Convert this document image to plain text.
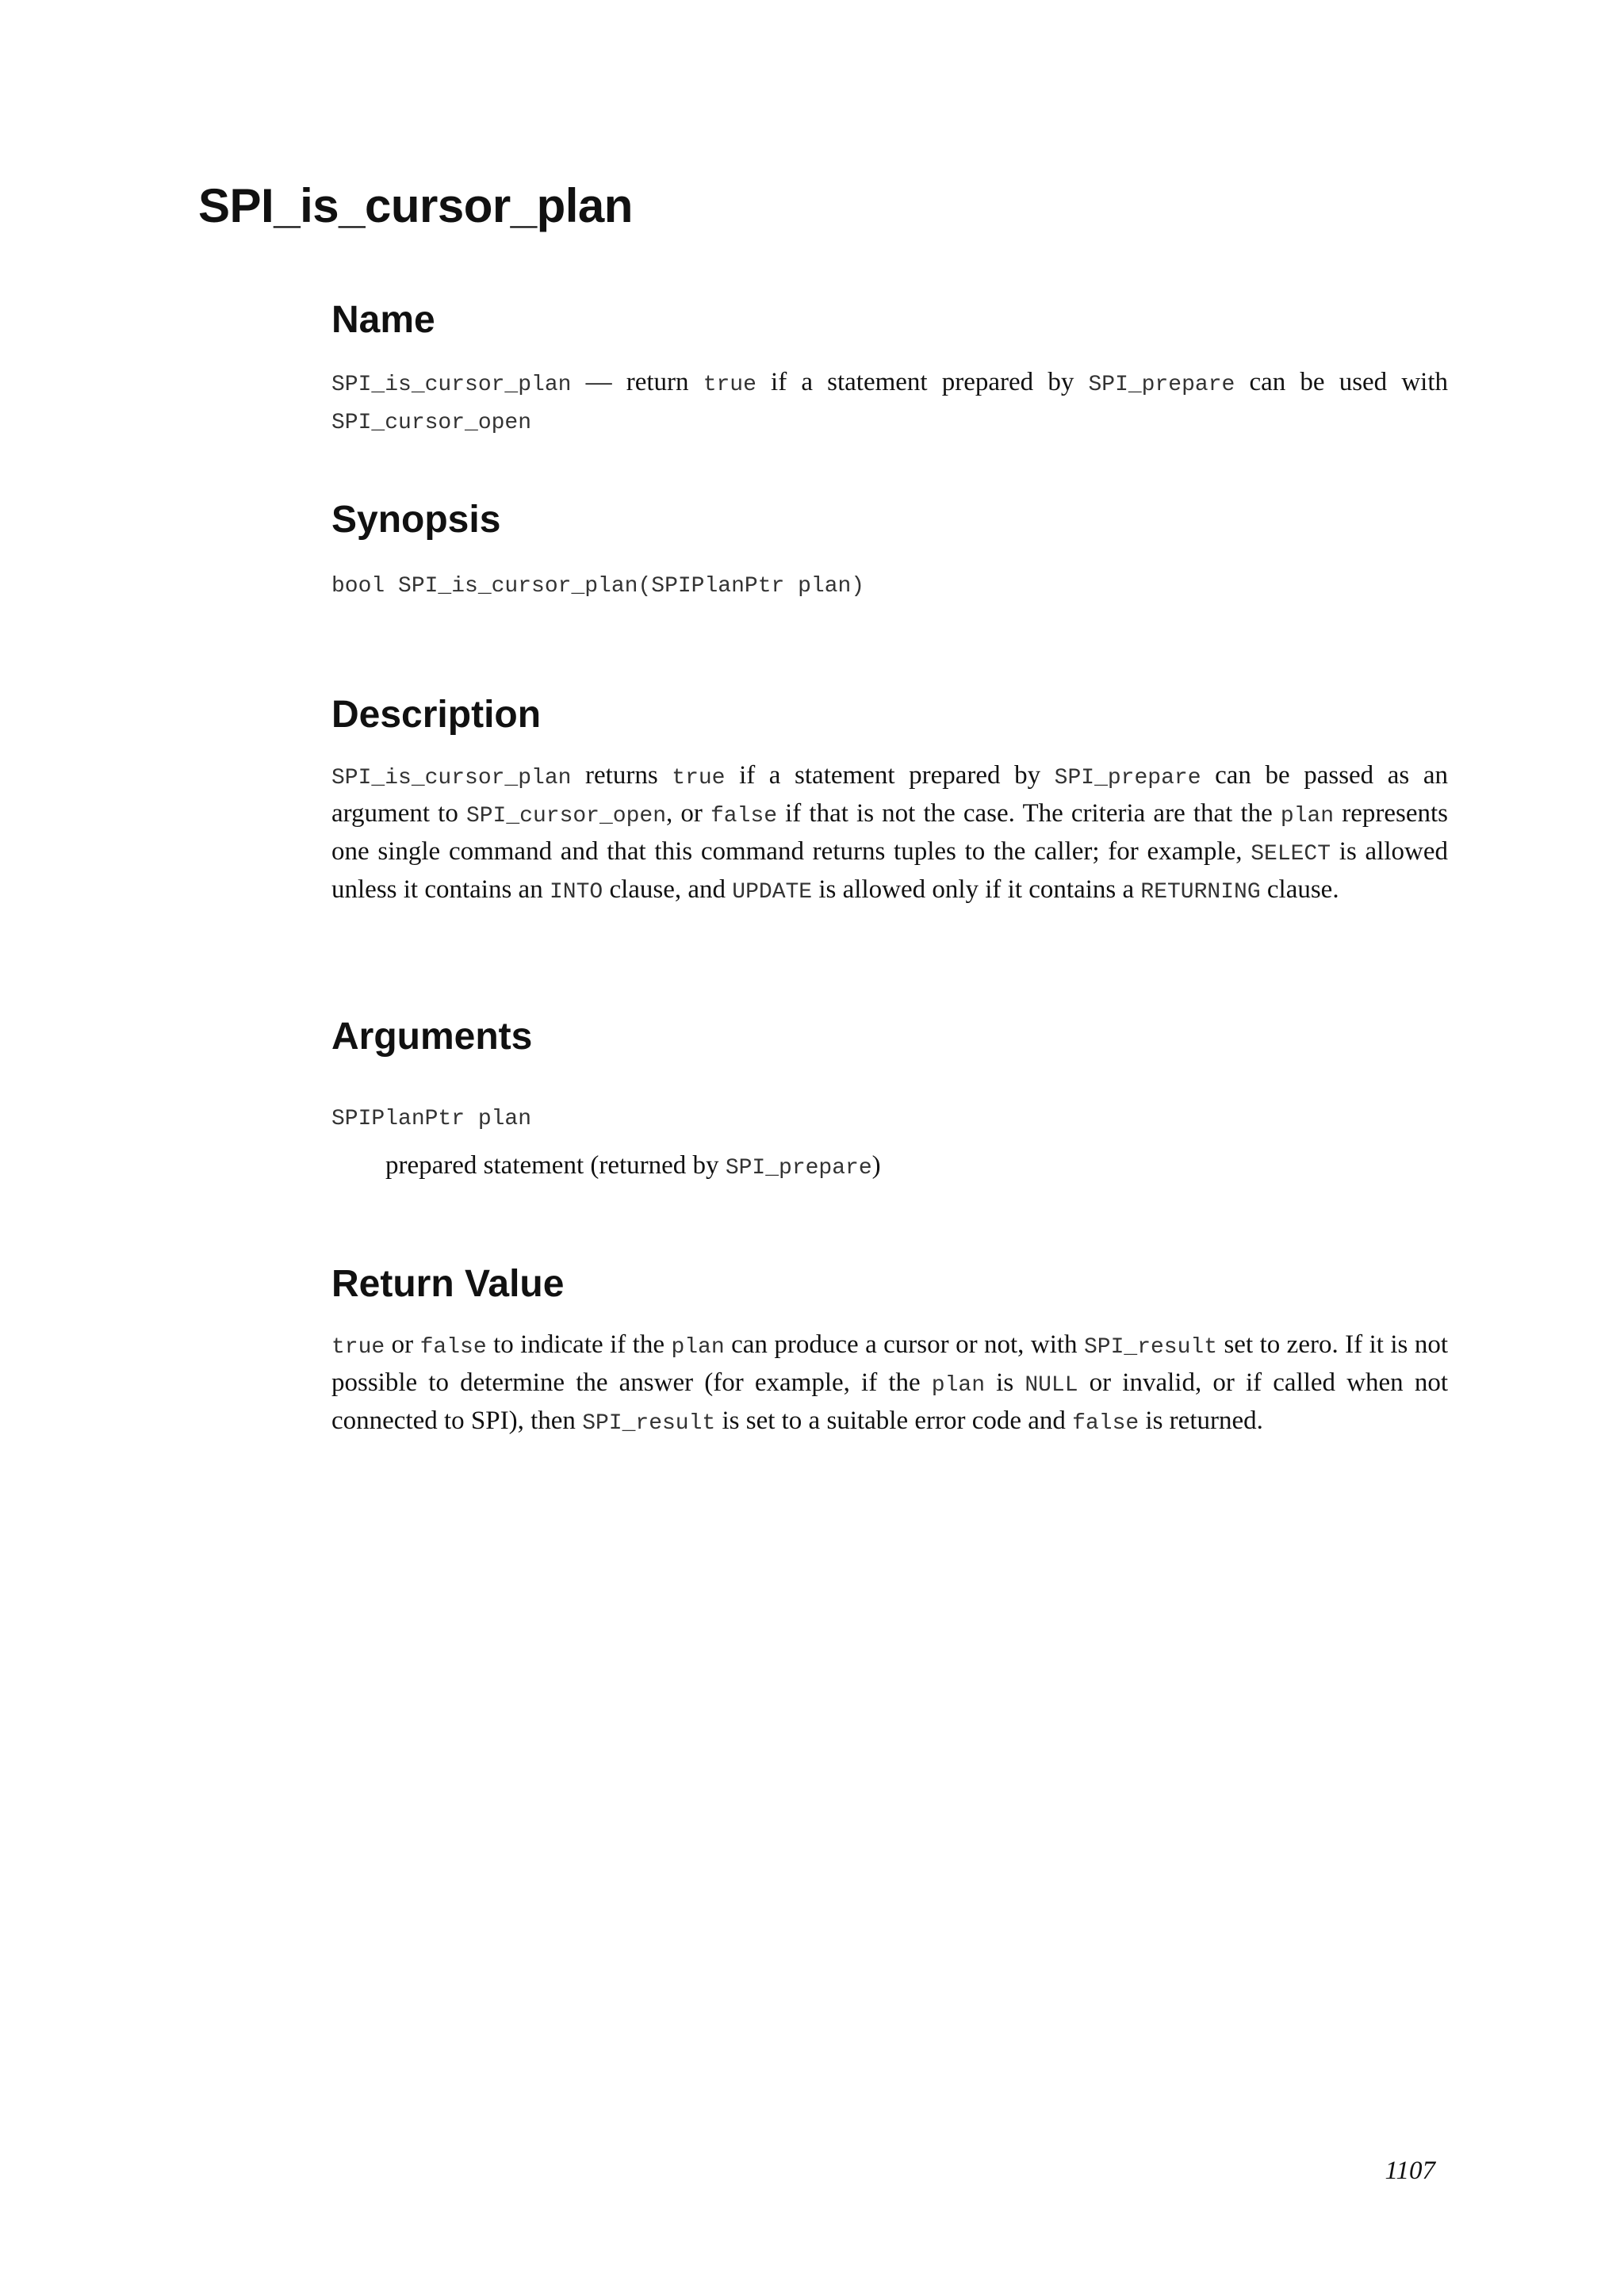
SPI_is_cursor_plan
Name

SPI_is_cursor_plan — return true if a statement prepared by SPI_prepare can be used with SPI_cursor_open

Synopsis

bool SPI_is_cursor_plan(SPIPlanPtr plan)

Description

SPI_is_cursor_plan returns true if a statement prepared by SPI_prepare can be passed as an argument to SPI_cursor_open, or false if that is not the case. The criteria are that the plan represents one single command and that this command returns tuples to the caller; for example, SELECT is allowed unless it contains an INTO clause, and UPDATE is allowed only if it contains a RETURNING clause.

Arguments

SPIPlanPtr plan

prepared statement (returned by SPI_prepare)

Return Value

true or false to indicate if the plan can produce a cursor or not, with SPI_result set to zero. If it is not possible to determine the answer (for example, if the plan is NULL or invalid, or if called when not connected to SPI), then SPI_result is set to a suitable error code and false is returned.

1107
